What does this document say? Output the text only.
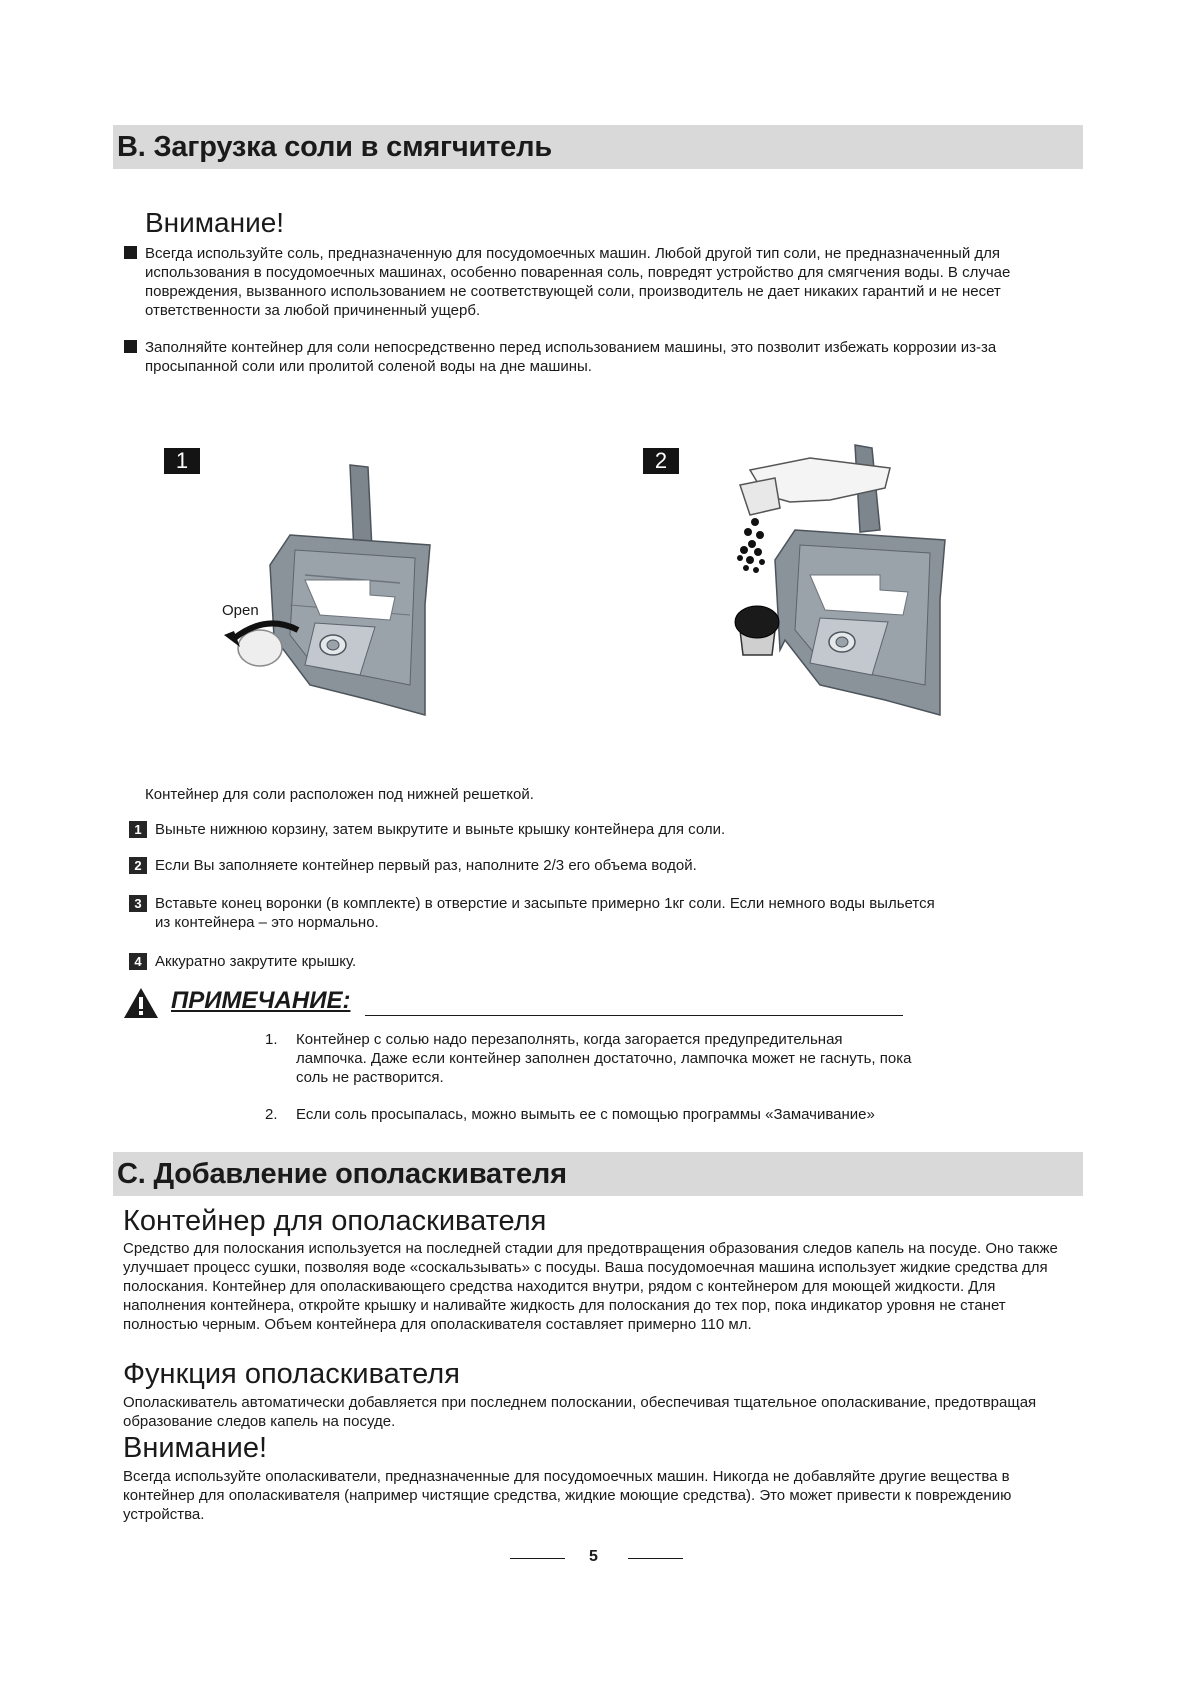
B. Загрузка соли в смягчитель
Внимание!
Всегда используйте соль, предназначенную для посудомоечных машин. Любой другой тип соли, не предназначенный для использования в посудомоечных машинах, особенно поваренная соль, повредят устройство для смягчения воды. В случае повреждения, вызванного использованием не соответствующей соли, производитель не дает никаких гарантий и не несет ответственности за любой причиненный ущерб.
Заполняйте контейнер для соли непосредственно перед использованием машины, это позволит избежать коррозии из-за просыпанной соли или пролитой соленой воды на дне машины.
1
Open
2
Контейнер для соли расположен под нижней решеткой.
1 Выньте нижнюю корзину, затем выкрутите и выньте крышку контейнера для соли.
2 Если Вы заполняете контейнер первый раз, наполните 2/3 его объема водой.
3 Вставьте конец воронки (в комплекте) в отверстие и засыпьте примерно 1кг соли. Если немного воды выльется из контейнера – это нормально.
4 Аккуратно закрутите крышку.
ПРИМЕЧАНИЕ:
1. Контейнер с солью надо перезаполнять, когда загорается предупредительная лампочка. Даже если контейнер заполнен достаточно, лампочка может не гаснуть, пока соль не растворится.
2. Если соль просыпалась, можно вымыть ее с помощью программы «Замачивание»
C. Добавление ополаскивателя
Контейнер для ополаскивателя
Средство для полоскания используется на последней стадии для предотвращения образования следов капель на посуде. Оно также улучшает процесс сушки, позволяя воде «соскальзывать» с посуды. Ваша посудомоечная машина использует жидкие средства для полоскания. Контейнер для ополаскивающего средства находится внутри, рядом с контейнером для моющей жидкости. Для наполнения контейнера, откройте крышку и наливайте жидкость для полоскания до тех пор, пока индикатор уровня не станет полностью черным. Объем контейнера для ополаскивателя составляет примерно 110 мл.
Функция ополаскивателя
Ополаскиватель автоматически добавляется при последнем полоскании, обеспечивая тщательное ополаскивание, предотвращая образование следов капель на посуде.
Внимание!
Всегда используйте ополаскиватели, предназначенные для посудомоечных машин. Никогда не добавляйте другие вещества в контейнер для ополаскивателя (например чистящие средства, жидкие моющие средства). Это может привести к повреждению устройства.
5
